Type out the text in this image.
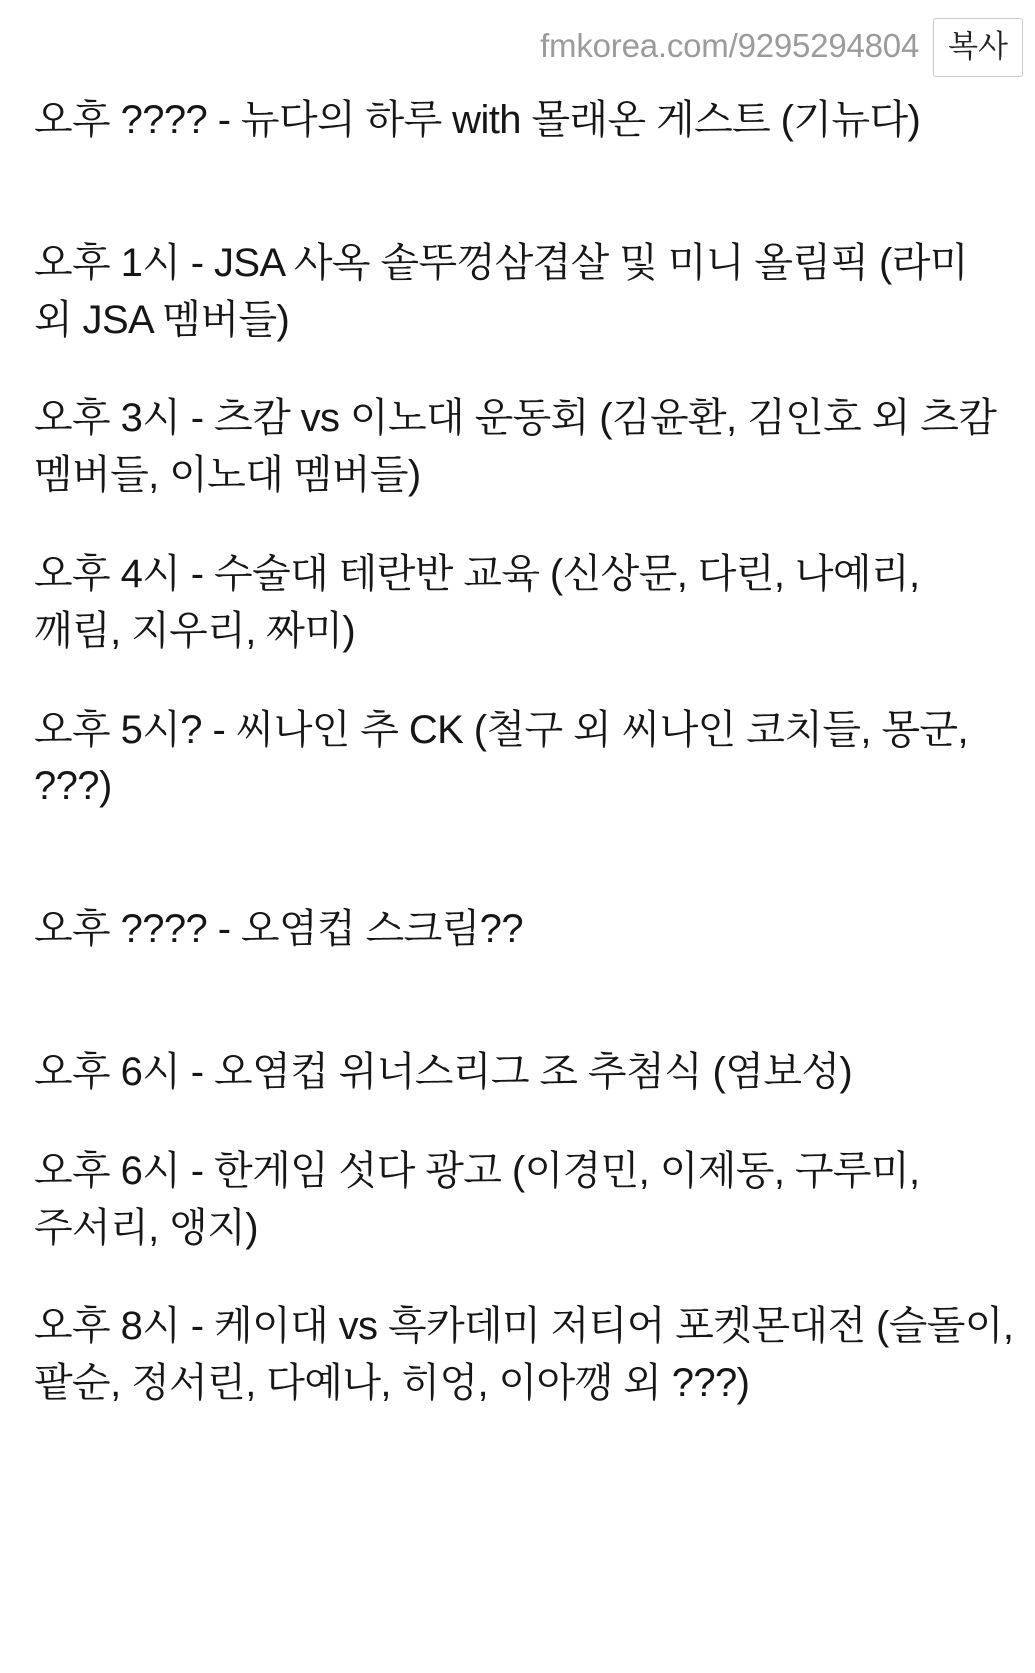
fmkorea.com/9295294804 복사
오후 ???? - 뉴다의 하루 with 몰래온 게스트 (기뉴다)
오후 1시 - JSA 사옥 솥뚜껑삼겹살 및 미니 올림픽 (라미 외 JSA 멤버들)
오후 3시 - 츠캄 vs 이노대 운동회 (김윤환, 김인호 외 츠캄 멤버들, 이노대 멤버들)
오후 4시 - 수술대 테란반 교육 (신상문, 다린, 나예리, 깨림, 지우리, 짜미)
오후 5시? - 씨나인 추 CK (철구 외 씨나인 코치들, 몽군, ???)
오후 ???? - 오염컵 스크림??
오후 6시 - 오염컵 위너스리그 조 추첨식 (염보성)
오후 6시 - 한게임 섯다 광고 (이경민, 이제동, 구루미, 주서리, 앵지)
오후 8시 - 케이대 vs 흑카데미 저티어 포켓몬대전 (슬돌이, 팥순, 정서린, 다예나, 히엉, 이아깽 외 ???)
